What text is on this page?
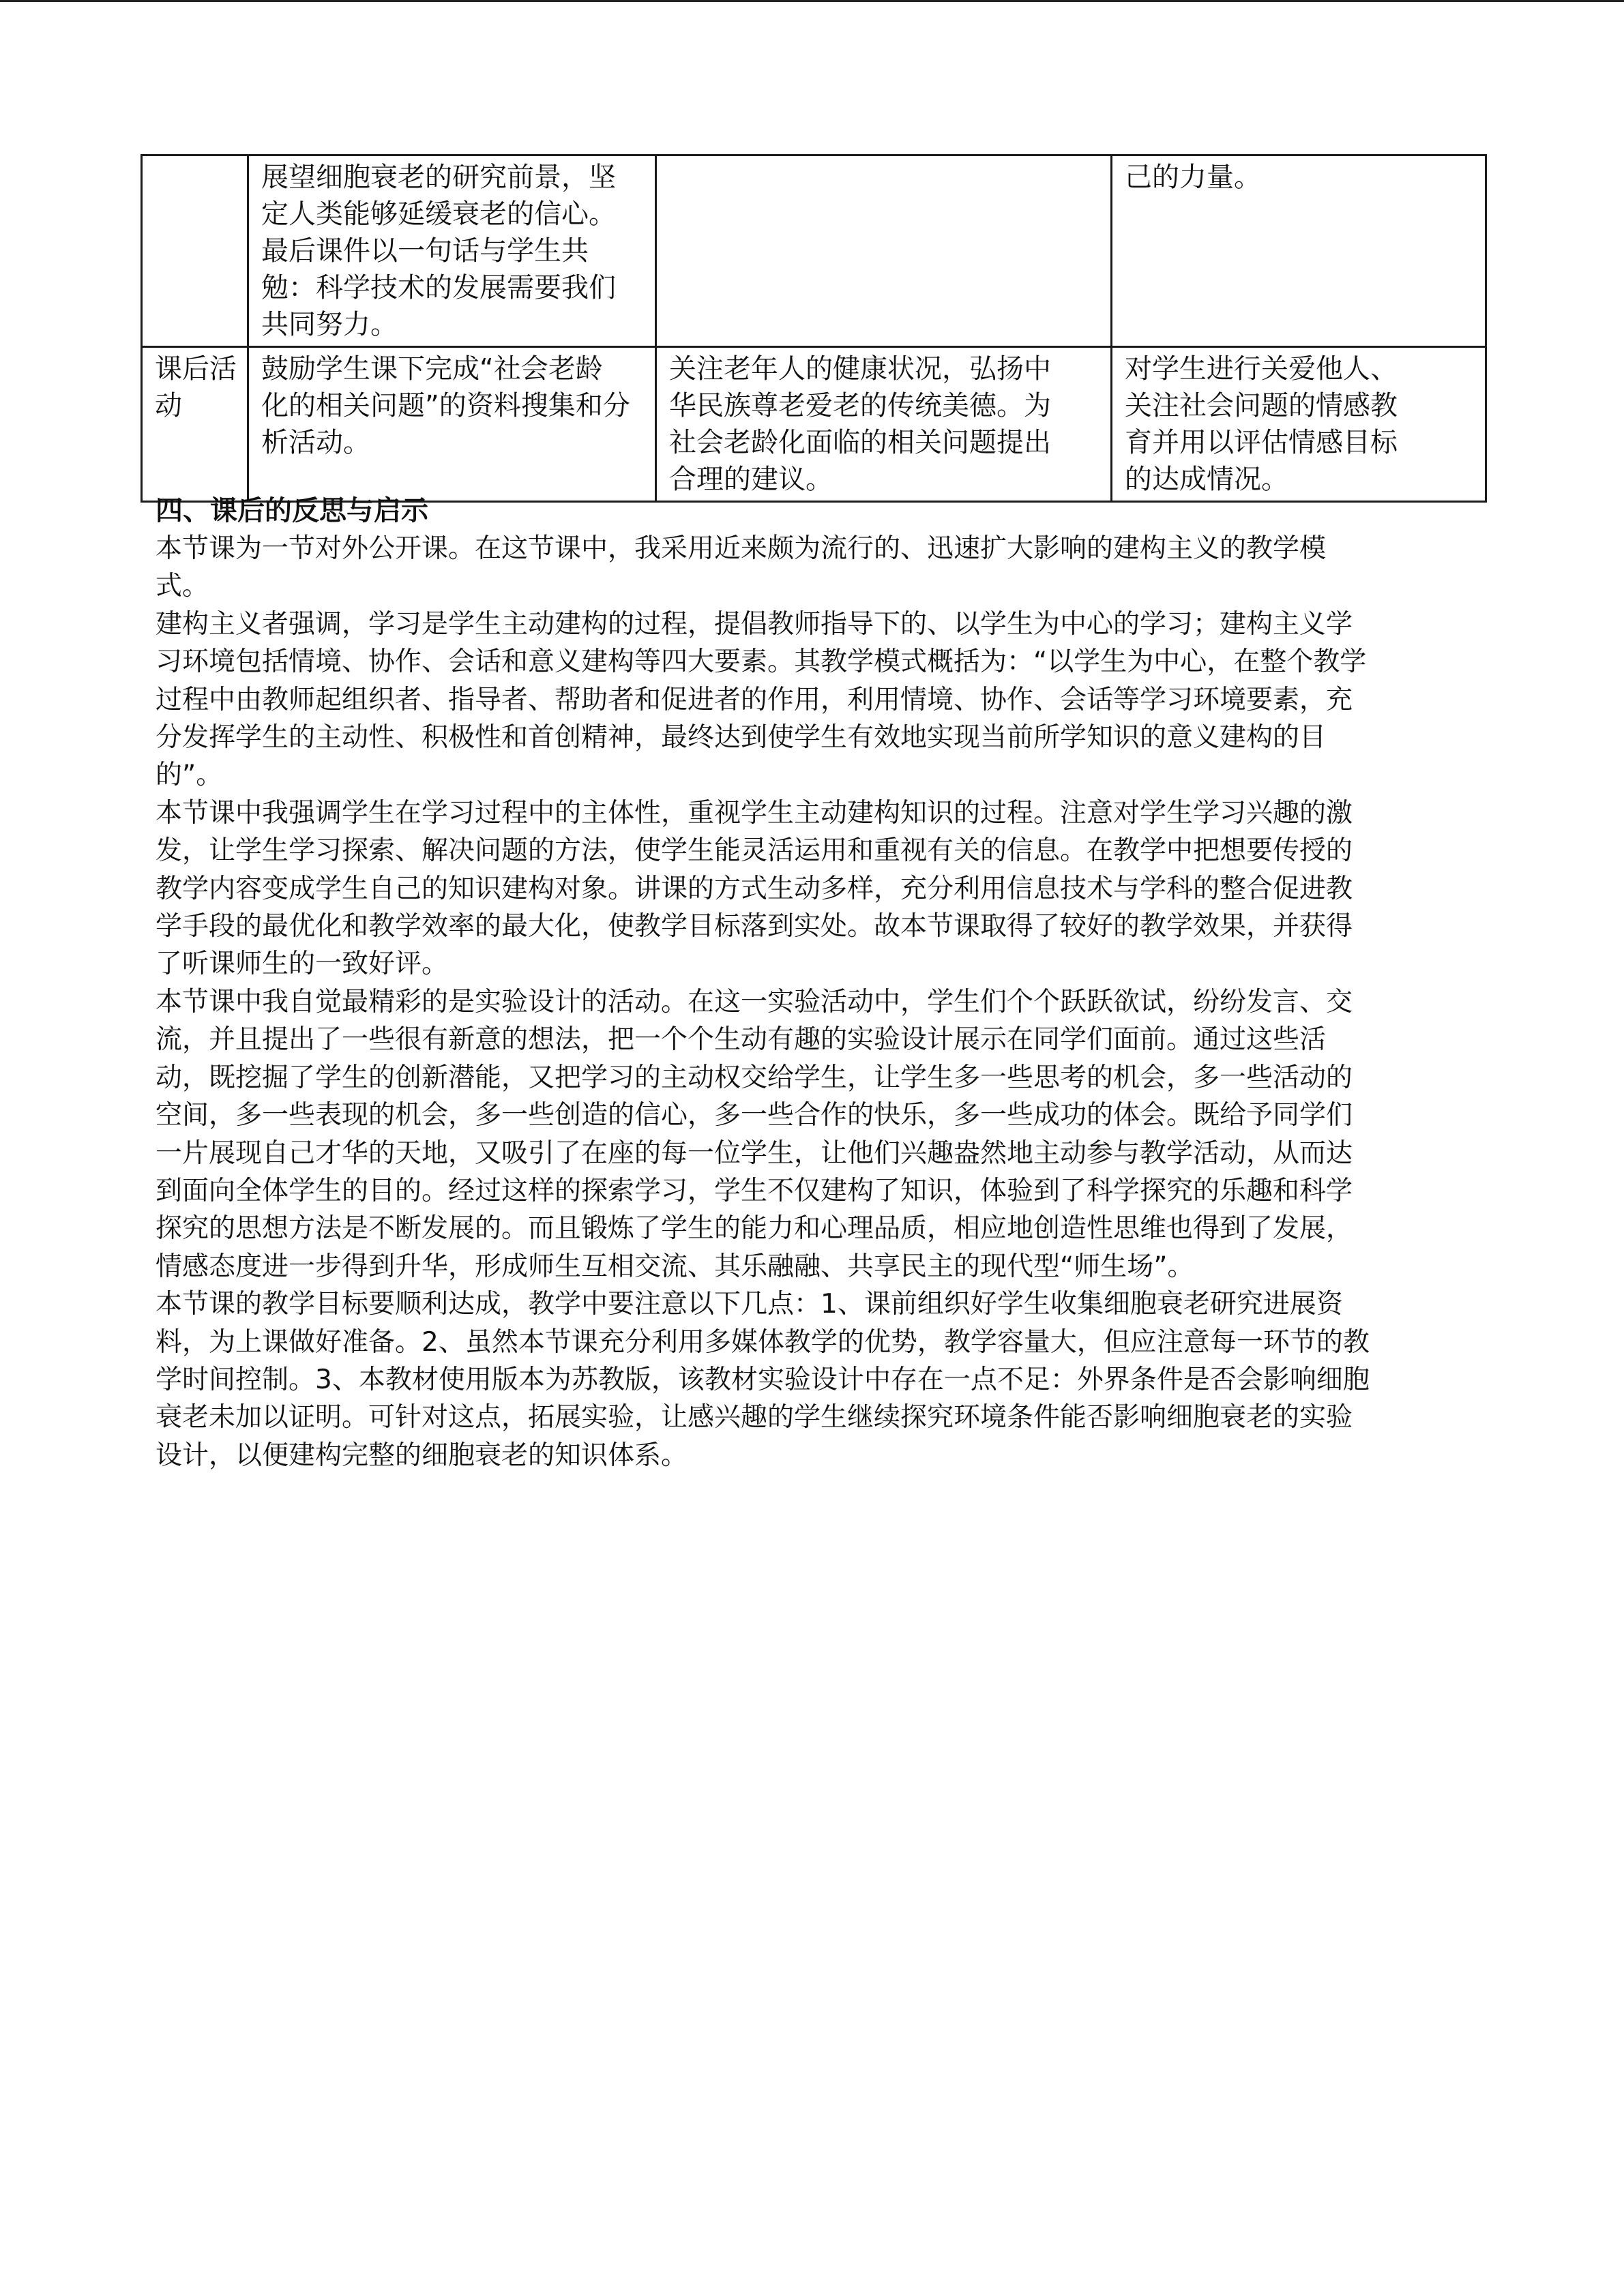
	展望细胞衰老的研究前景，坚
定人类能够延缓衰老的信心。
最后课件以一句话与学生共
勉：科学技术的发展需要我们
共同努力。		己的力量。

课后活
动	鼓励学生课下完成“社会老龄
化的相关问题”的资料搜集和分
析活动。	关注老年人的健康状况，弘扬中
华民族尊老爱老的传统美德。为
社会老龄化面临的相关问题提出
合理的建议。	对学生进行关爱他人、
关注社会问题的情感教
育并用以评估情感目标
的达成情况。
四、课后的反思与启示
本节课为一节对外公开课。在这节课中，我采用近来颇为流行的、迅速扩大影响的建构主义的教学模
式。
建构主义者强调，学习是学生主动建构的过程，提倡教师指导下的、以学生为中心的学习；建构主义学
习环境包括情境、协作、会话和意义建构等四大要素。其教学模式概括为：“以学生为中心，在整个教学
过程中由教师起组织者、指导者、帮助者和促进者的作用，利用情境、协作、会话等学习环境要素，充
分发挥学生的主动性、积极性和首创精神，最终达到使学生有效地实现当前所学知识的意义建构的目
的”。
本节课中我强调学生在学习过程中的主体性，重视学生主动建构知识的过程。注意对学生学习兴趣的激
发，让学生学习探索、解决问题的方法，使学生能灵活运用和重视有关的信息。在教学中把想要传授的
教学内容变成学生自己的知识建构对象。讲课的方式生动多样，充分利用信息技术与学科的整合促进教
学手段的最优化和教学效率的最大化，使教学目标落到实处。故本节课取得了较好的教学效果，并获得
了听课师生的一致好评。
本节课中我自觉最精彩的是实验设计的活动。在这一实验活动中，学生们个个跃跃欲试，纷纷发言、交
流，并且提出了一些很有新意的想法，把一个个生动有趣的实验设计展示在同学们面前。通过这些活
动，既挖掘了学生的创新潜能，又把学习的主动权交给学生，让学生多一些思考的机会，多一些活动的
空间，多一些表现的机会，多一些创造的信心，多一些合作的快乐，多一些成功的体会。既给予同学们
一片展现自己才华的天地，又吸引了在座的每一位学生，让他们兴趣盎然地主动参与教学活动，从而达
到面向全体学生的目的。经过这样的探索学习，学生不仅建构了知识，体验到了科学探究的乐趣和科学
探究的思想方法是不断发展的。而且锻炼了学生的能力和心理品质，相应地创造性思维也得到了发展，
情感态度进一步得到升华，形成师生互相交流、其乐融融、共享民主的现代型“师生场”。
本节课的教学目标要顺利达成，教学中要注意以下几点：1、课前组织好学生收集细胞衰老研究进展资
料，为上课做好准备。2、虽然本节课充分利用多媒体教学的优势，教学容量大，但应注意每一环节的教
学时间控制。3、本教材使用版本为苏教版，该教材实验设计中存在一点不足：外界条件是否会影响细胞
衰老未加以证明。可针对这点，拓展实验，让感兴趣的学生继续探究环境条件能否影响细胞衰老的实验
设计，以便建构完整的细胞衰老的知识体系。
